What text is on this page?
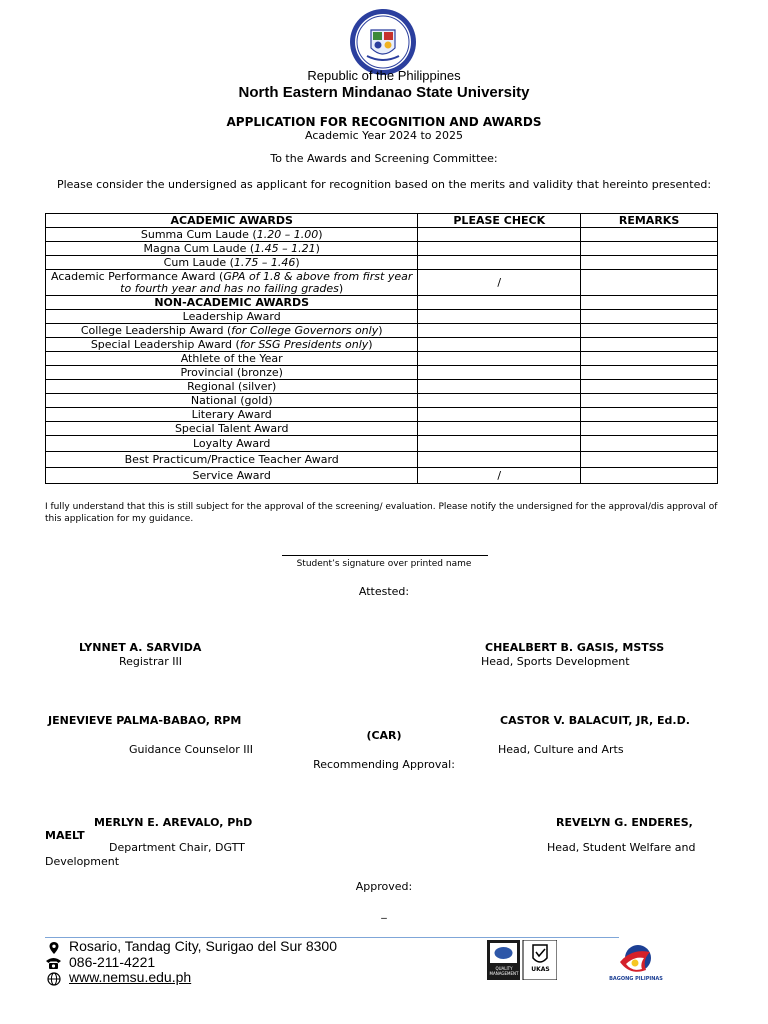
Republic of the Philippines
North Eastern Mindanao State University
APPLICATION FOR RECOGNITION AND AWARDS
Academic Year 2024 to 2025
To the Awards and Screening Committee:
Please consider the undersigned as applicant for recognition based on the merits and validity that hereinto presented:
ACADEMIC AWARDS	PLEASE CHECK	REMARKS
Summa Cum Laude (1.20 – 1.00)		
Magna Cum Laude (1.45 – 1.21)		
Cum Laude (1.75 – 1.46)		
Academic Performance Award (GPA of 1.8 & above from first year to fourth year and has no failing grades)	/	
NON-ACADEMIC AWARDS		
Leadership Award		
College Leadership Award (for College Governors only)		
Special Leadership Award (for SSG Presidents only)		
Athlete of the Year		
Provincial (bronze)		
Regional (silver)		
National (gold)		
Literary Award		
Special Talent Award		
Loyalty Award		
Best Practicum/Practice Teacher Award		
Service Award	/	
I fully understand that this is still subject for the approval of the screening/ evaluation. Please notify the undersigned for the approval/dis approval of this application for my guidance.
Student’s signature over printed name
Attested:
LYNNET A. SARVIDA
Registrar III
CHEALBERT B. GASIS, MSTSS
Head, Sports Development
JENEVIEVE PALMA-BABAO, RPM	CASTOR V. BALACUIT, JR, Ed.D.
(CAR)
Guidance Counselor III	Head, Culture and Arts
Recommending Approval:
MERLYN E. AREVALO, PhD	REVELYN G. ENDERES,
MAELT
Department Chair, DGTT	Head, Student Welfare and
Development
Approved:
_
Rosario, Tandag City, Surigao del Sur 8300
086-211-4221
www.nemsu.edu.ph
QUALITY MANAGEMENT
UKAS
BAGONG PILIPINAS
